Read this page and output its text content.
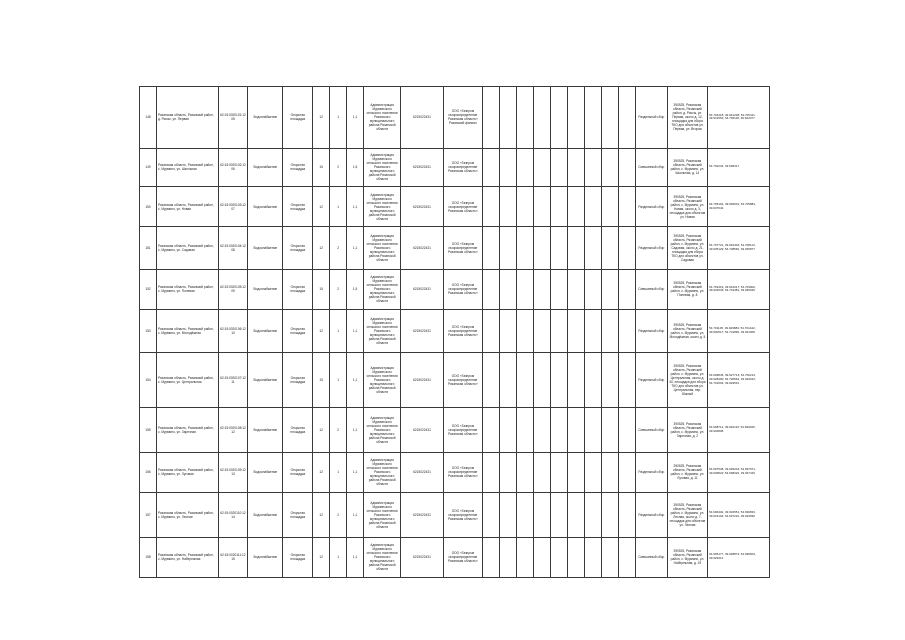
148	Рязанская область, Рязанский район, д. Ряссы, ул. Первая	62:15:0020101:1205	Водоснабжение	Открытая площадка	12	1	1,1	Администрация Мурминского сельского поселения Рязанского муниципального района Рязанской области	6215022431	ООО «Газпром газораспределение Рязанская область» Рязанский филиал										Раздельный сбор	390525, Рязанская область, Рязанский район, д. Ряссы, ул. Первая, около д. 12, площадка для сбора ТКО для объектов ул. Первая, ул. Вторая	54.704418, 39.941238; 54.705411, 39.941554; 54.706118, 39.942077
149	Рязанская область, Рязанский район, с. Мурмино, ул. Школьная	62:15:0020102:1206	Водоснабжение	Открытая площадка	15	2	1,5	Администрация Мурминского сельского поселения Рязанского муниципального района Рязанской области	6215022431	ООО «Газпром газораспределение Рязанская область»										Смешанный сбор	390525, Рязанская область, Рязанский район, с. Мурмино, ул. Школьная, д. 14	54.702234, 39.938417
150	Рязанская область, Рязанский район, с. Мурмино, ул. Новая	62:15:0020103:1207	Водоснабжение	Открытая площадка	12	1	1,1	Администрация Мурминского сельского поселения Рязанского муниципального района Рязанской области	6215022431	ООО «Газпром газораспределение Рязанская область»										Раздельный сбор	390525, Рязанская область, Рязанский район, с. Мурмино, ул. Новая, около д. 3, площадка для объектов ул. Новая	54.705162, 39.936601; 54.705884, 39.937044
151	Рязанская область, Рязанский район, с. Мурмино, ул. Садовая	62:15:0020104:1208	Водоснабжение	Открытая площадка	12	2	1,1	Администрация Мурминского сельского поселения Рязанского муниципального района Рязанской области	6215022431	ООО «Газпром газораспределение Рязанская область»										Раздельный сбор	390525, Рязанская область, Рязанский район, с. Мурмино, ул. Садовая, около д. 21, площадка для сбора ТКО для объектов ул. Садовая	54.707721, 39.934402; 54.708113, 39.935129; 54.708560, 39.935877
152	Рязанская область, Рязанский район, с. Мурмино, ул. Полевая	62:15:0020105:1209	Водоснабжение	Открытая площадка	15	2	1,5	Администрация Мурминского сельского поселения Рязанского муниципального района Рязанской области	6215022431	ООО «Газпром газораспределение Рязанская область»										Смешанный сбор	390525, Рязанская область, Рязанский район, с. Мурмино, ул. Полевая, д. 8	54.703319, 39.944017; 54.703902, 39.944533; 54.704481, 39.945020
153	Рязанская область, Рязанский район, с. Мурмино, ул. Молодёжная	62:15:0020106:1210	Водоснабжение	Открытая площадка	12	1	1,1	Администрация Мурминского сельского поселения Рязанского муниципального района Рязанской области	6215022431	ООО «Газпром газораспределение Рязанская область»										Раздельный сбор	390525, Рязанская область, Рязанский район, с. Мурмино, ул. Молодёжная, около д. 5	54.701105, 39.929884; 54.701442, 39.930517; 54.701890, 39.931006
154	Рязанская область, Рязанский район, с. Мурмино, ул. Центральная	62:15:0020107:1211	Водоснабжение	Открытая площадка	15	1	1,1	Администрация Мурминского сельского поселения Рязанского муниципального района Рязанской области	6215022431	ООО «Газпром газораспределение Рязанская область»										Раздельный сбор	390525, Рязанская область, Рязанский район, с. Мурмино, ул. Центральная, около д. 40, площадка для сбора ТКО для объектов ул. Центральная, пер. Южный	54.699845, 39.927713; 54.700213, 39.928390; 54.700664, 39.929012; 54.701003, 39.929531
155	Рязанская область, Рязанский район, с. Мурмино, ул. Заречная	62:15:0020108:1212	Водоснабжение	Открытая площадка	12	2	1,1	Администрация Мурминского сельского поселения Рязанского муниципального района Рязанской области	6215022431	ООО «Газпром газораспределение Рязанская область»										Смешанный сбор	390525, Рязанская область, Рязанский район, с. Мурмино, ул. Заречная, д. 2	54.698712, 39.940116; 54.699035, 39.940808
156	Рязанская область, Рязанский район, с. Мурмино, ул. Луговая	62:15:0020109:1213	Водоснабжение	Открытая площадка	12	1	1,1	Администрация Мурминского сельского поселения Рязанского муниципального района Рязанской области	6215022431	ООО «Газпром газораспределение Рязанская область»										Раздельный сбор	390525, Рязанская область, Рязанский район, с. Мурмино, ул. Луговая, д. 11	54.697538, 39.936204; 54.697971, 39.936822; 54.698320, 39.937415
157	Рязанская область, Рязанский район, с. Мурмино, ул. Лесная	62:15:0020110:1214	Водоснабжение	Открытая площадка	12	2	1,1	Администрация Мурминского сельского поселения Рязанского муниципального района Рязанской области	6215022431	ООО «Газпром газораспределение Рязанская область»										Раздельный сбор	390525, Рязанская область, Рязанский район, с. Мурмино, ул. Лесная, около д. 7, площадка для объектов ул. Лесная	54.696402, 39.932551; 54.696833, 39.933104; 54.697210, 39.933690
158	Рязанская область, Рязанский район, с. Мурмино, ул. Набережная	62:15:0020111:1215	Водоснабжение	Открытая площадка	12	1	1,1	Администрация Мурминского сельского поселения Рязанского муниципального района Рязанской области	6215022431	ООО «Газпром газораспределение Рязанская область»										Смешанный сбор	390525, Рязанская область, Рязанский район, с. Мурмино, ул. Набережная, д. 19	54.695177, 39.928873; 54.695603, 39.929412
